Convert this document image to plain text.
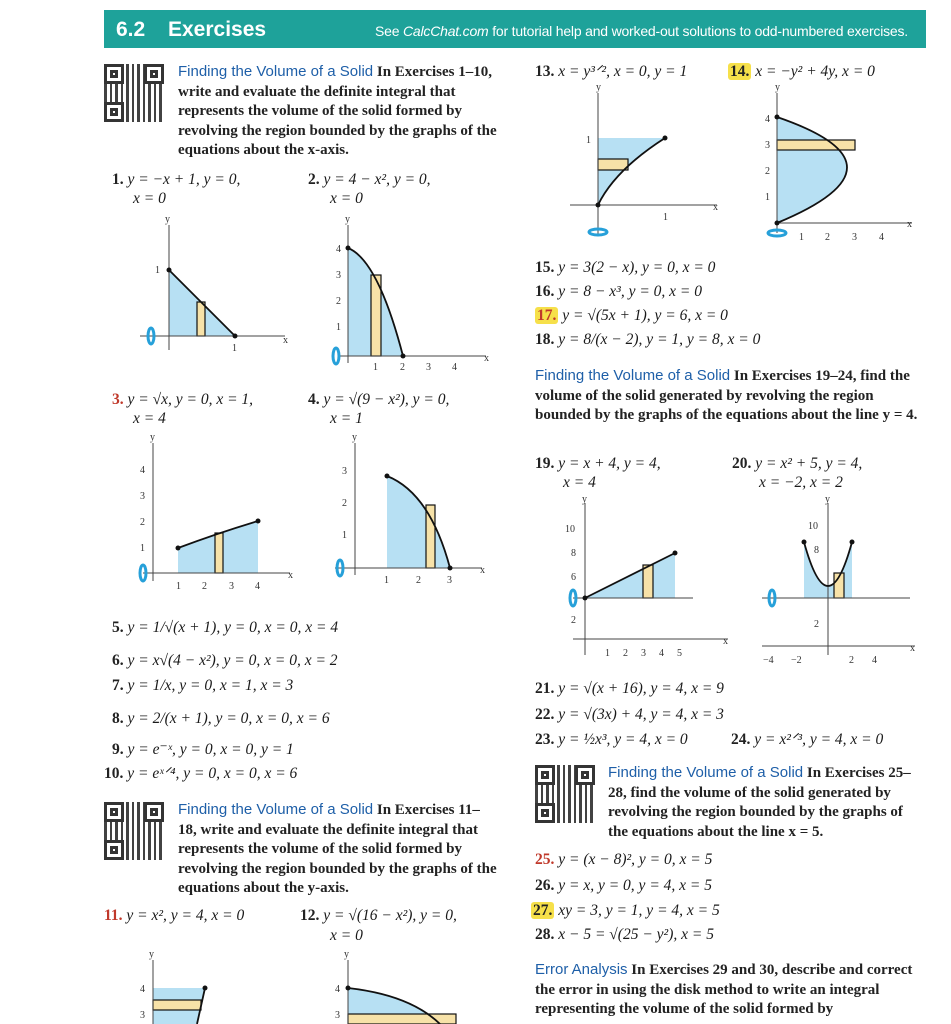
6.2 Exercises	See CalcChat.com for tutorial help and worked-out solutions to odd-numbered exercises.
Finding the Volume of a Solid In Exercises 1–10, write and evaluate the definite integral that represents the volume of the solid formed by revolving the region bounded by the graphs of the equations about the x-axis.
1. y = −x + 1, y = 0,
x = 0
2. y = 4 − x², y = 0,
x = 0
y
x
1
1
y
x
4
3
2
1
1 2 3 4
3. y = √x, y = 0, x = 1,
x = 4
4. y = √(9 − x²), y = 0,
x = 1
y
x
4
3
2
1
1 2 3 4
y
x
3
2
1
1	2	3
5. y = 1/√(x + 1), y = 0, x = 0, x = 4
6. y = x√(4 − x²), y = 0, x = 0, x = 2
7. y = 1/x, y = 0, x = 1, x = 3
8. y = 2/(x + 1), y = 0, x = 0, x = 6
9. y = e⁻ˣ, y = 0, x = 0, y = 1
10. y = eˣᐟ⁴, y = 0, x = 0, x = 6
Finding the Volume of a Solid In Exercises 11–18, write and evaluate the definite integral that represents the volume of the solid formed by revolving the region bounded by the graphs of the equations about the y-axis.
11. y = x², y = 4, x = 0	12. y = √(16 − x²), y = 0,
x = 0
y
4
3
y
4
3
13. x = y³ᐟ², x = 0, y = 1	14. x = −y² + 4y, x = 0
y
x
1
1
y
x
4
3
2
1
1 2 3 4
15. y = 3(2 − x), y = 0, x = 0
16. y = 8 − x³, y = 0, x = 0
17. y = √(5x + 1), y = 6, x = 0
18. y = 8/(x − 2), y = 1, y = 8, x = 0
Finding the Volume of a Solid In Exercises 19–24, find the volume of the solid generated by revolving the region bounded by the graphs of the equations about the line y = 4.
19. y = x + 4, y = 4,
x = 4
20. y = x² + 5, y = 4,
x = −2, x = 2
y
x
10
8
6
2
1 2 3 4 5
y
x
10
8
2
−4 −2	2 4
21. y = √(x + 16), y = 4, x = 9
22. y = √(3x) + 4, y = 4, x = 3
23. y = ½x³, y = 4, x = 0	24. y = x²ᐟ³, y = 4, x = 0
Finding the Volume of a Solid In Exercises 25–28, find the volume of the solid generated by revolving the region bounded by the graphs of the equations about the line x = 5.
25. y = (x − 8)², y = 0, x = 5
26. y = x, y = 0, y = 4, x = 5
27. xy = 3, y = 1, y = 4, x = 5
28. x − 5 = √(25 − y²), x = 5
Error Analysis In Exercises 29 and 30, describe and correct the error in using the disk method to write an integral representing the volume of the solid formed by
